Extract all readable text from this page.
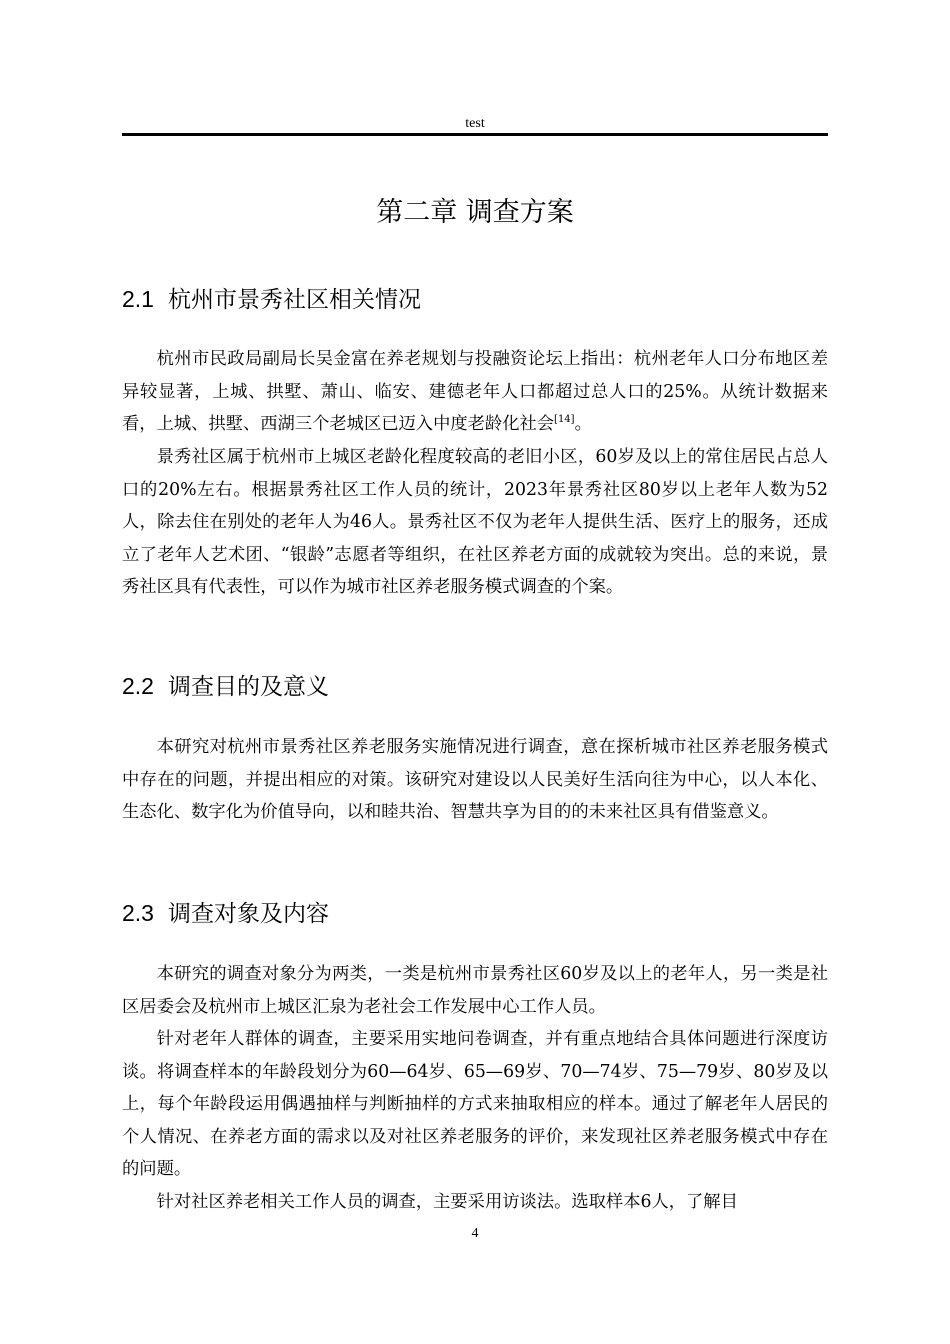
test
第二章 调查方案
2.1 杭州市景秀社区相关情况
杭州市民政局副局长吴金富在养老规划与投融资论坛上指出：杭州老年人口分布地区差异较显著，上城、拱墅、萧山、临安、建德老年人口都超过总人口的25%。从统计数据来看，上城、拱墅、西湖三个老城区已迈入中度老龄化社会[14]。
景秀社区属于杭州市上城区老龄化程度较高的老旧小区，60岁及以上的常住居民占总人口的20%左右。根据景秀社区工作人员的统计，2023年景秀社区80岁以上老年人数为52人，除去住在别处的老年人为46人。景秀社区不仅为老年人提供生活、医疗上的服务，还成立了老年人艺术团、“银龄”志愿者等组织，在社区养老方面的成就较为突出。总的来说，景秀社区具有代表性，可以作为城市社区养老服务模式调查的个案。
2.2 调查目的及意义
本研究对杭州市景秀社区养老服务实施情况进行调查，意在探析城市社区养老服务模式中存在的问题，并提出相应的对策。该研究对建设以人民美好生活向往为中心，以人本化、生态化、数字化为价值导向，以和睦共治、智慧共享为目的的未来社区具有借鉴意义。
2.3 调查对象及内容
本研究的调查对象分为两类，一类是杭州市景秀社区60岁及以上的老年人，另一类是社区居委会及杭州市上城区汇泉为老社会工作发展中心工作人员。
针对老年人群体的调查，主要采用实地问卷调查，并有重点地结合具体问题进行深度访谈。将调查样本的年龄段划分为60—64岁、65—69岁、70—74岁、75—79岁、80岁及以上，每个年龄段运用偶遇抽样与判断抽样的方式来抽取相应的样本。通过了解老年人居民的个人情况、在养老方面的需求以及对社区养老服务的评价，来发现社区养老服务模式中存在的问题。
针对社区养老相关工作人员的调查，主要采用访谈法。选取样本6人，了解目
4
